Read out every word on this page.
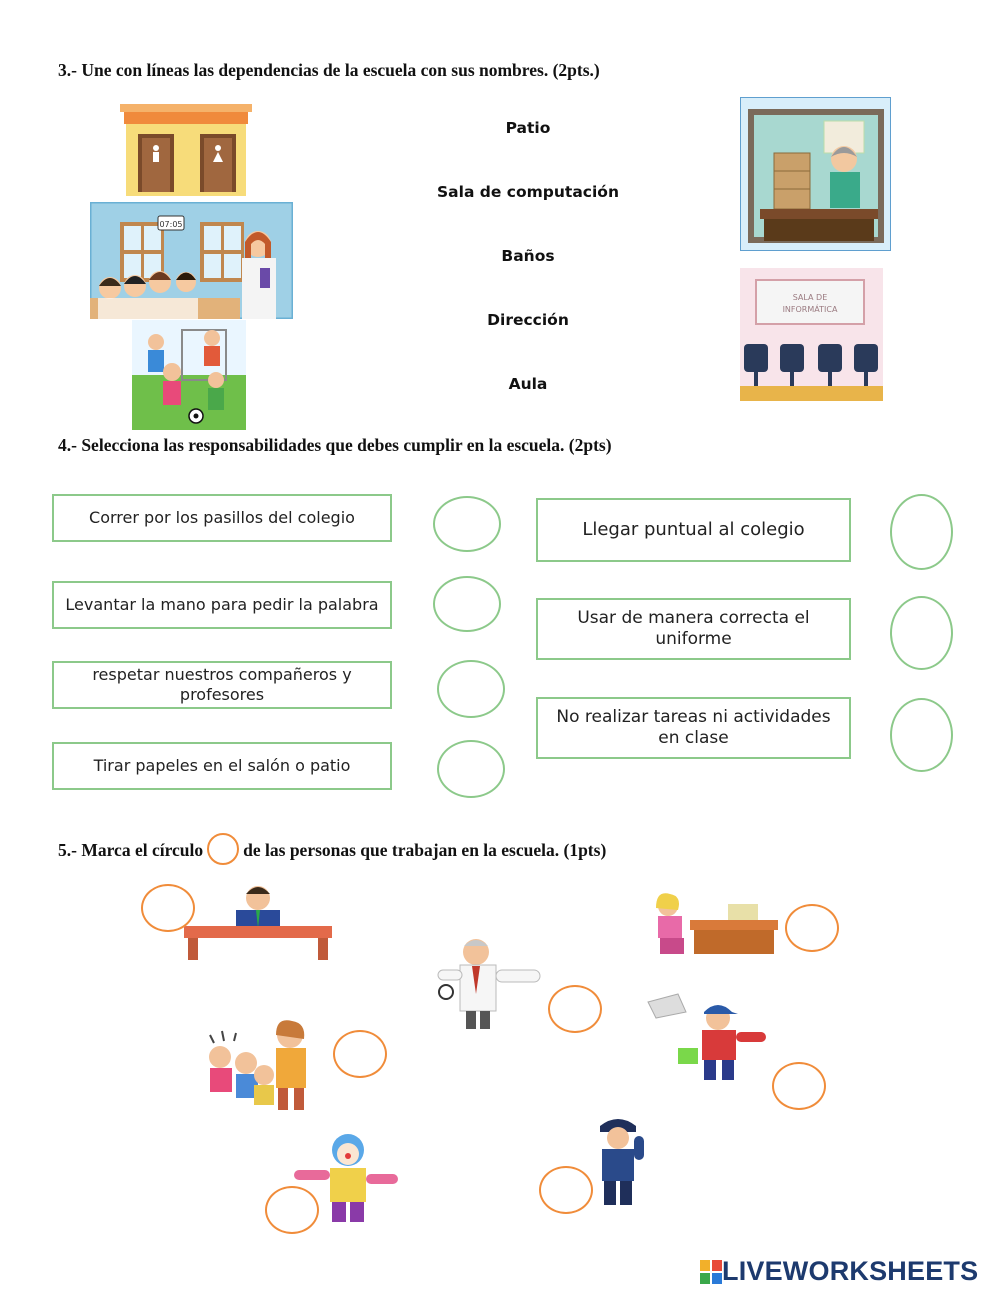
3.- Une con líneas las dependencias de la escuela con sus nombres. (2pts.)
07:05
Patio
Sala de computación
Baños
Dirección
Aula
SALA DE
INFORMÁTICA
4.- Selecciona las responsabilidades que debes cumplir en la escuela. (2pts)
Correr por los pasillos del colegio
Levantar la mano para pedir la palabra
respetar nuestros compañeros y profesores
Tirar papeles en el salón o patio
Llegar puntual al colegio
Usar de manera correcta el uniforme
No realizar tareas ni actividades en clase
5.- Marca el círculo de las personas que trabajan en la escuela. (1pts)
LIVEWORKSHEETS
